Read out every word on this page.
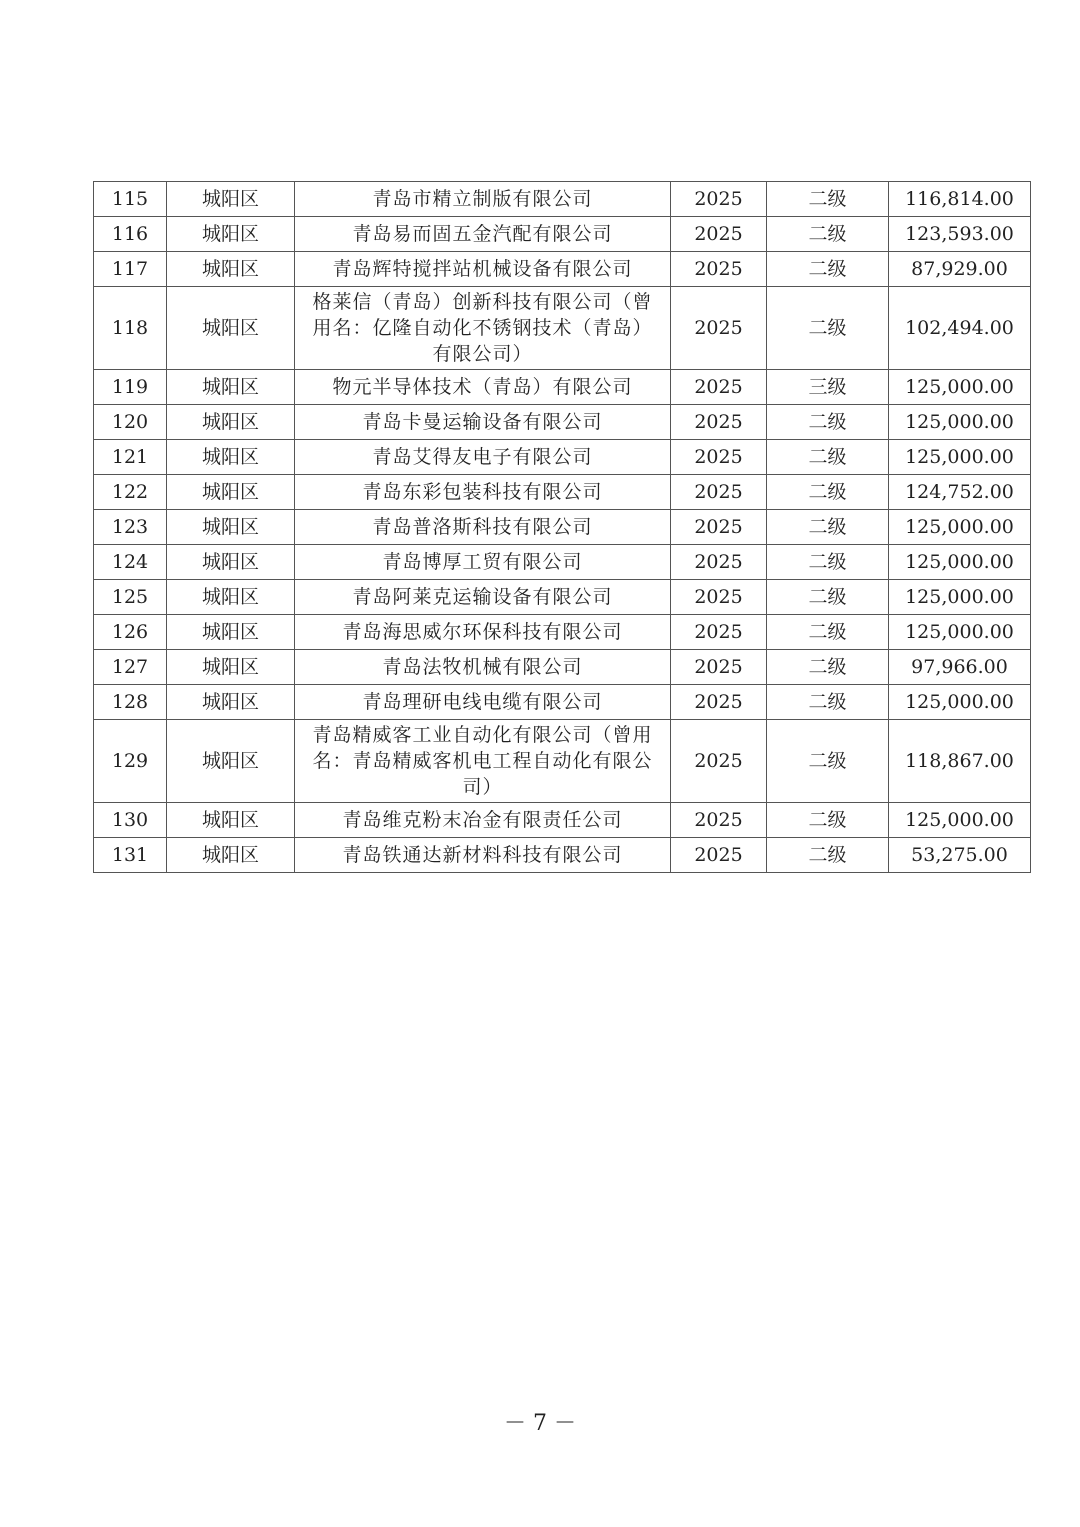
115	城阳区	青岛市精立制版有限公司	2025	二级	116,814.00
116	城阳区	青岛易而固五金汽配有限公司	2025	二级	123,593.00
117	城阳区	青岛辉特搅拌站机械设备有限公司	2025	二级	87,929.00
118	城阳区	格莱信（青岛）创新科技有限公司（曾用名：亿隆自动化不锈钢技术（青岛）有限公司）	2025	二级	102,494.00
119	城阳区	物元半导体技术（青岛）有限公司	2025	三级	125,000.00
120	城阳区	青岛卡曼运输设备有限公司	2025	二级	125,000.00
121	城阳区	青岛艾得友电子有限公司	2025	二级	125,000.00
122	城阳区	青岛东彩包装科技有限公司	2025	二级	124,752.00
123	城阳区	青岛普洛斯科技有限公司	2025	二级	125,000.00
124	城阳区	青岛博厚工贸有限公司	2025	二级	125,000.00
125	城阳区	青岛阿莱克运输设备有限公司	2025	二级	125,000.00
126	城阳区	青岛海思威尔环保科技有限公司	2025	二级	125,000.00
127	城阳区	青岛法牧机械有限公司	2025	二级	97,966.00
128	城阳区	青岛理研电线电缆有限公司	2025	二级	125,000.00
129	城阳区	青岛精威客工业自动化有限公司（曾用名：青岛精威客机电工程自动化有限公司）	2025	二级	118,867.00
130	城阳区	青岛维克粉末冶金有限责任公司	2025	二级	125,000.00
131	城阳区	青岛铁通达新材料科技有限公司	2025	二级	53,275.00
－ 7 －
